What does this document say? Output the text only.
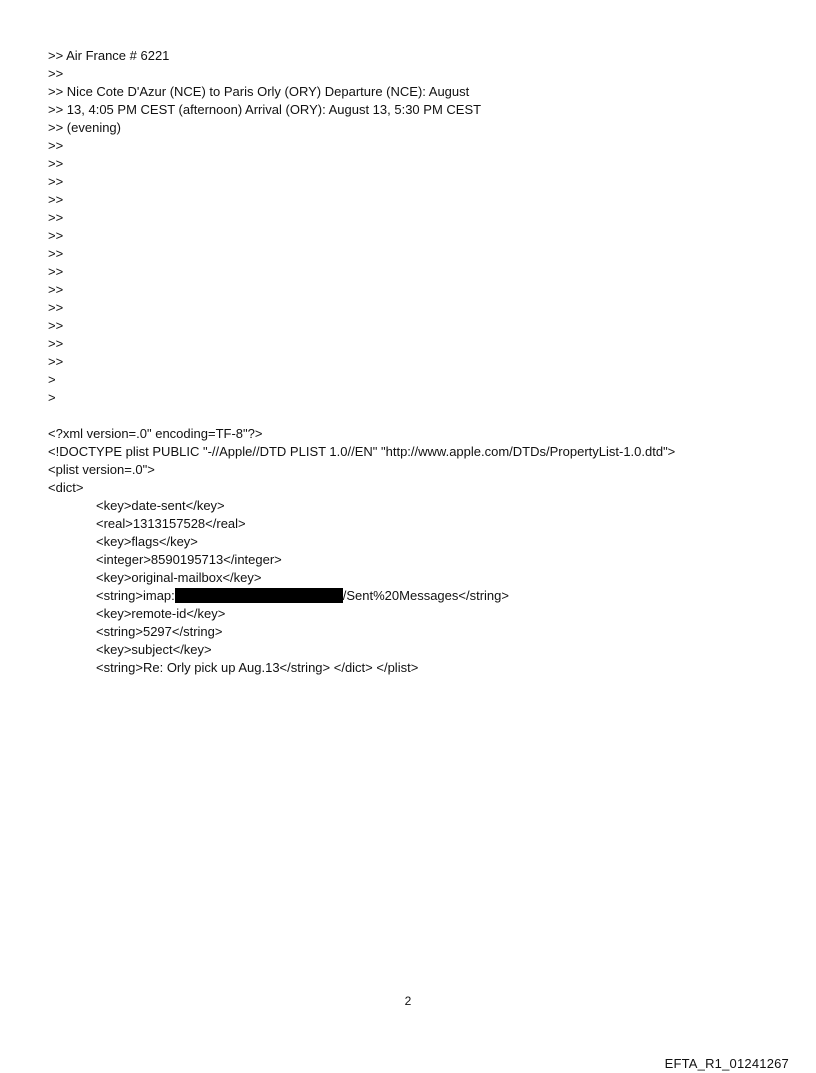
>> Air France # 6221
>>
>> Nice Cote D'Azur (NCE) to Paris Orly (ORY) Departure (NCE): August
>> 13, 4:05 PM CEST (afternoon) Arrival (ORY): August 13, 5:30 PM CEST
>> (evening)
>>
>>
>>
>>
>>
>>
>>
>>
>>
>>
>>
>>
>>
>
>
<?xml version=.0" encoding=TF-8"?>
<!DOCTYPE plist PUBLIC "-//Apple//DTD PLIST 1.0//EN" "http://www.apple.com/DTDs/PropertyList-1.0.dtd">
<plist version=.0">
<dict>
<key>date-sent</key>
<real>1313157528</real>
<key>flags</key>
<integer>8590195713</integer>
<key>original-mailbox</key>
<string>imap:	/Sent%20Messages</string>
<key>remote-id</key>
<string>5297</string>
<key>subject</key>
<string>Re: Orly pick up Aug.13</string> </dict> </plist>
2
EFTA_R1_01241267
